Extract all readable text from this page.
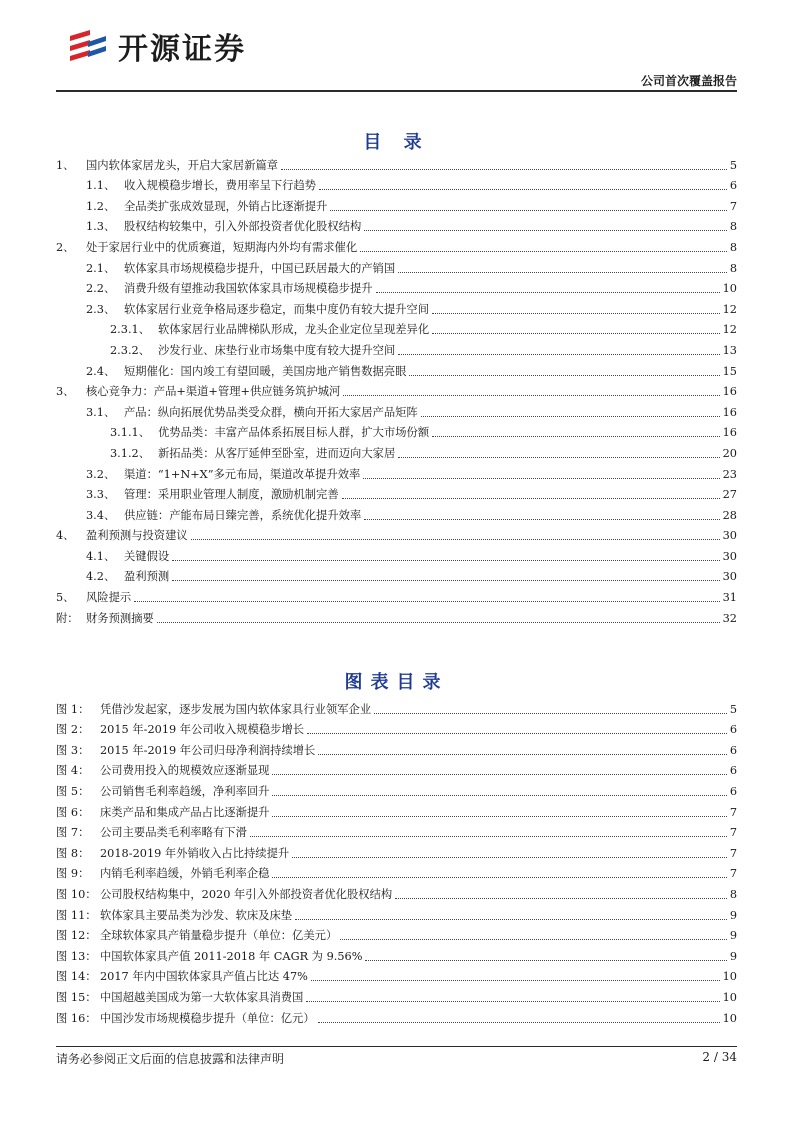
开源证券
公司首次覆盖报告
目 录
1、	国内软体家居龙头，开启大家居新篇章	5
1.1、 收入规模稳步增长，费用率呈下行趋势	6
1.2、 全品类扩张成效显现，外销占比逐渐提升	7
1.3、 股权结构较集中，引入外部投资者优化股权结构	8
2、	处于家居行业中的优质赛道，短期海内外均有需求催化	8
2.1、 软体家具市场规模稳步提升，中国已跃居最大的产销国	8
2.2、 消费升级有望推动我国软体家具市场规模稳步提升	10
2.3、 软体家居行业竞争格局逐步稳定，而集中度仍有较大提升空间	12
2.3.1、 软体家居行业品牌梯队形成，龙头企业定位呈现差异化	12
2.3.2、 沙发行业、床垫行业市场集中度有较大提升空间	13
2.4、 短期催化：国内竣工有望回暖，美国房地产销售数据亮眼	15
3、	核心竞争力：产品+渠道+管理+供应链务筑护城河	16
3.1、 产品：纵向拓展优势品类受众群，横向开拓大家居产品矩阵	16
3.1.1、 优势品类：丰富产品体系拓展目标人群，扩大市场份额	16
3.1.2、 新拓品类：从客厅延伸至卧室，进而迈向大家居	20
3.2、 渠道：“1+N+X”多元布局，渠道改革提升效率	23
3.3、 管理：采用职业管理人制度，激励机制完善	27
3.4、 供应链：产能布局日臻完善，系统优化提升效率	28
4、	盈利预测与投资建议	30
4.1、 关键假设	30
4.2、 盈利预测	30
5、	风险提示	31
附： 财务预测摘要	32
图表目录
图 1： 凭借沙发起家，逐步发展为国内软体家具行业领军企业	5
图 2： 2015 年-2019 年公司收入规模稳步增长	6
图 3： 2015 年-2019 年公司归母净利润持续增长	6
图 4： 公司费用投入的规模效应逐渐显现	6
图 5： 公司销售毛利率趋缓，净利率回升	6
图 6： 床类产品和集成产品占比逐渐提升	7
图 7： 公司主要品类毛利率略有下滑	7
图 8： 2018-2019 年外销收入占比持续提升	7
图 9： 内销毛利率趋缓，外销毛利率企稳	7
图 10： 公司股权结构集中，2020 年引入外部投资者优化股权结构	8
图 11： 软体家具主要品类为沙发、软床及床垫	9
图 12： 全球软体家具产销量稳步提升（单位：亿美元）	9
图 13： 中国软体家具产值 2011-2018 年 CAGR 为 9.56%	9
图 14： 2017 年内中国软体家具产值占比达 47%	10
图 15： 中国超越美国成为第一大软体家具消费国	10
图 16： 中国沙发市场规模稳步提升（单位：亿元）	10
请务必参阅正文后面的信息披露和法律声明	2 / 34
